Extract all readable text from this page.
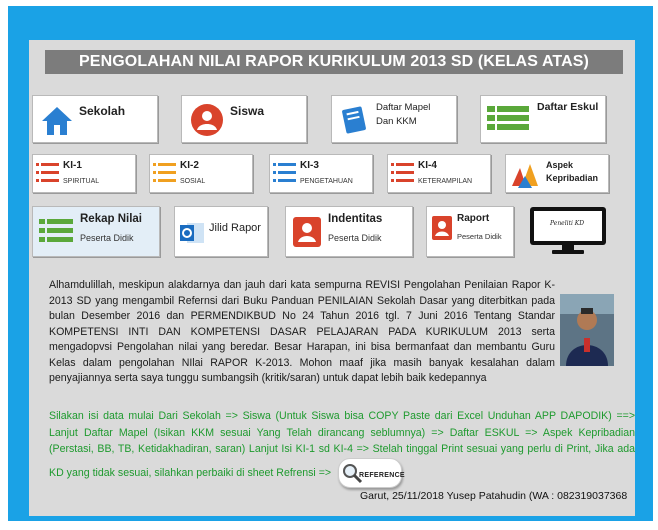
PENGOLAHAN NILAI RAPOR KURIKULUM 2013 SD (KELAS ATAS)
Sekolah	Siswa	Daftar Mapel
Dan KKM
Daftar Eskul
KI-1
SPIRITUAL
KI-2
SOSIAL
KI-3
PENGETAHUAN
KI-4
KETERAMPILAN
Aspek
Kepribadian
Rekap Nilai
Peserta Didik
Jilid Rapor
Indentitas
Peserta Didik
Raport
Peserta Didik
Peneliti KD
Alhamdulillah, meskipun alakdarnya dan jauh dari kata sempurna REVISI Pengolahan Penilaian Rapor K-2013 SD yang mengambil Refernsi dari Buku Panduan PENILAIAN Sekolah Dasar yang diterbitkan pada bulan Desember 2016 dan PERMENDIKBUD No 24 Tahun 2016 tgl. 7 Juni 2016 Tentang Standar KOMPETENSI INTI DAN KOMPETENSI DASAR PELAJARAN PADA KURIKULUM 2013 serta mengadopvsi Pengolahan nilai yang beredar. Besar Harapan, ini bisa bermanfaat dan membantu Guru Kelas dalam pengolahan NIlai RAPOR K-2013. Mohon maaf jika masih banyak kesalahan dalam penyajiannya serta saya tunggu sumbangsih (kritik/saran) untuk dapat lebih baik kedepannya
Silakan isi data mulai Dari Sekolah => Siswa (Untuk Siswa bisa COPY Paste dari Excel Unduhan APP DAPODIK) ==> Lanjut Daftar Mapel (Isikan KKM sesuai Yang Telah dirancang seblumnya) => Daftar ESKUL => Aspek Kepribadian (Perstasi, BB, TB, Ketidakhadiran, saran) Lanjut Isi KI-1 sd KI-4 => Stelah tinggal Print sesuai yang perlu di Print, Jika ada KD yang tidak sesuai, silahkan perbaiki di sheet Refrensi =>	REFERENCE
Garut, 25/11/2018 Yusep Patahudin (WA : 082319037368
